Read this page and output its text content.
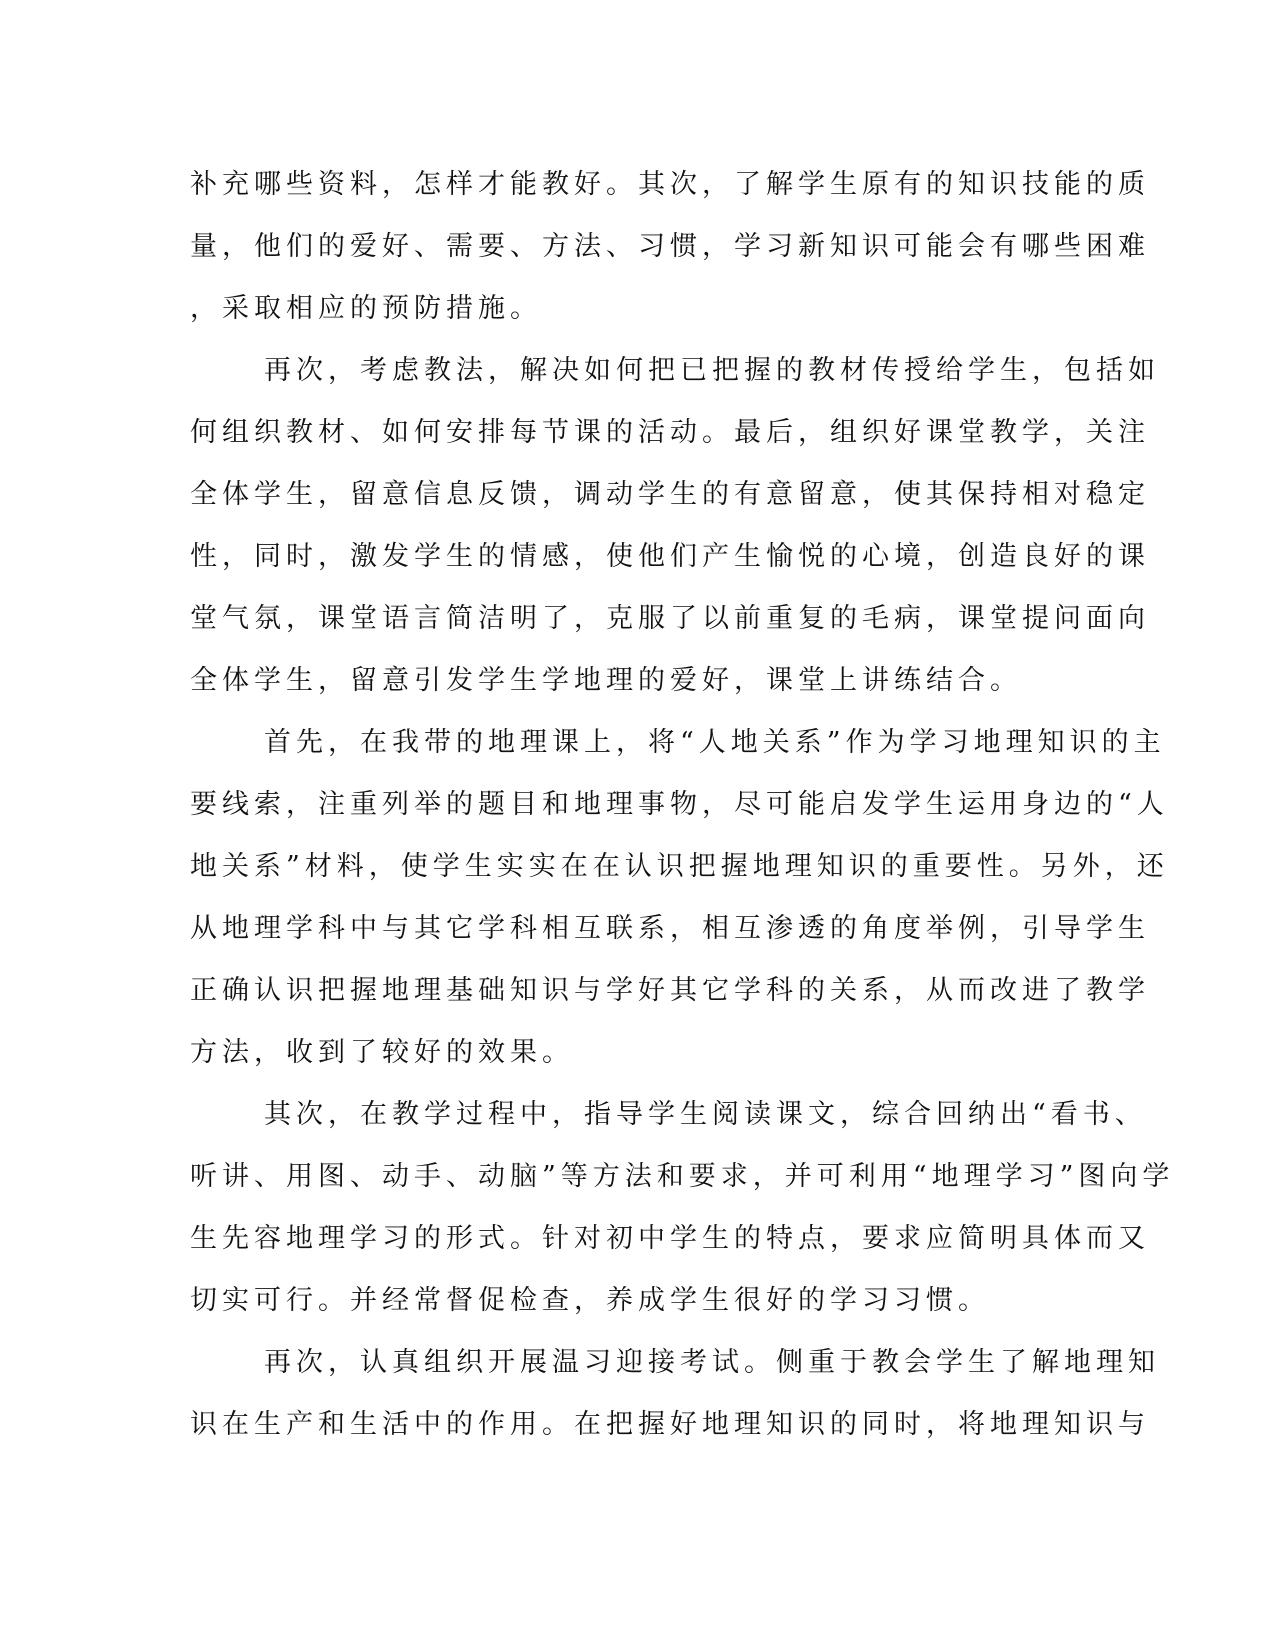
补充哪些资料，怎样才能教好。其次，了解学生原有的知识技能的质
量，他们的爱好、需要、方法、习惯，学习新知识可能会有哪些困难
，采取相应的预防措施。
再次，考虑教法，解决如何把已把握的教材传授给学生，包括如
何组织教材、如何安排每节课的活动。最后，组织好课堂教学，关注
全体学生，留意信息反馈，调动学生的有意留意，使其保持相对稳定
性，同时，激发学生的情感，使他们产生愉悦的心境，创造良好的课
堂气氛，课堂语言简洁明了，克服了以前重复的毛病，课堂提问面向
全体学生，留意引发学生学地理的爱好，课堂上讲练结合。
首先，在我带的地理课上，将“人地关系”作为学习地理知识的主
要线索，注重列举的题目和地理事物，尽可能启发学生运用身边的“人
地关系”材料，使学生实实在在认识把握地理知识的重要性。另外，还
从地理学科中与其它学科相互联系，相互渗透的角度举例，引导学生
正确认识把握地理基础知识与学好其它学科的关系，从而改进了教学
方法，收到了较好的效果。
其次，在教学过程中，指导学生阅读课文，综合回纳出“看书、
听讲、用图、动手、动脑”等方法和要求，并可利用“地理学习”图向学
生先容地理学习的形式。针对初中学生的特点，要求应简明具体而又
切实可行。并经常督促检查，养成学生很好的学习习惯。
再次，认真组织开展温习迎接考试。侧重于教会学生了解地理知
识在生产和生活中的作用。在把握好地理知识的同时，将地理知识与
